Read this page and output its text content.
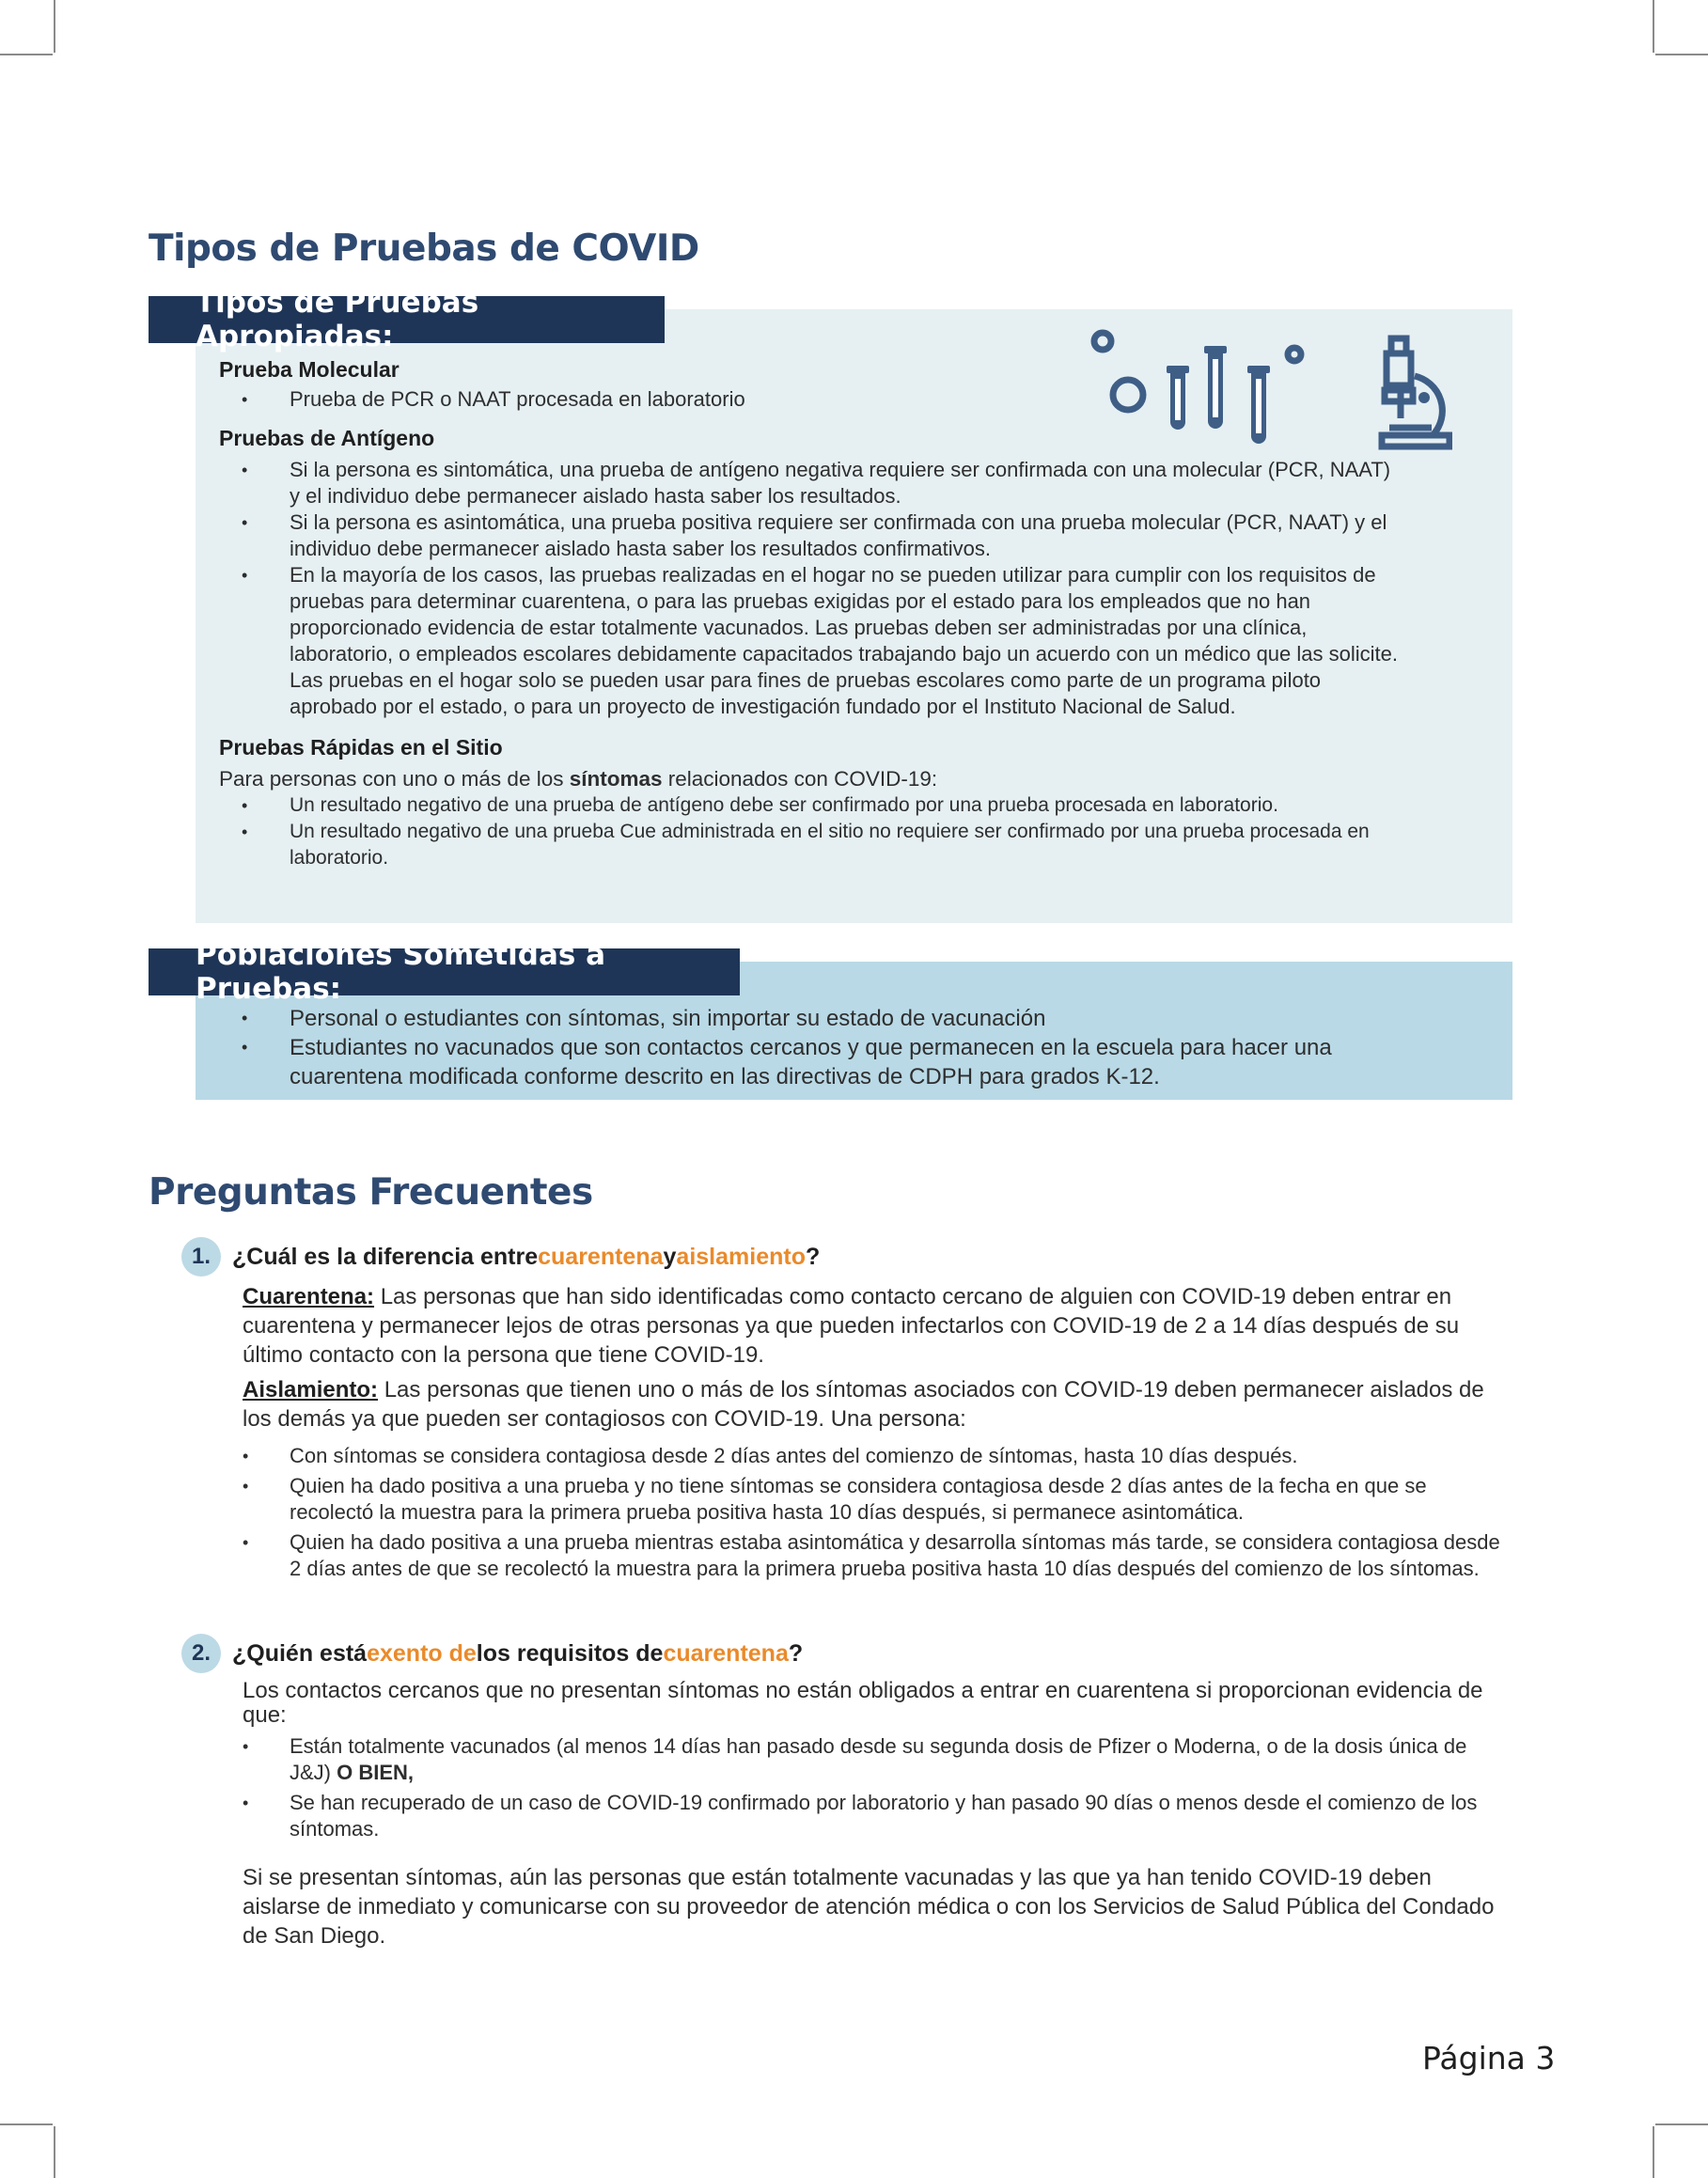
Tipos de Pruebas de COVID
Tipos de Pruebas Apropiadas:

Prueba Molecular

• Prueba de PCR o NAAT procesada en laboratorio

Pruebas de Antígeno

• Si la persona es sintomática, una prueba de antígeno negativa requiere ser confirmada con una molecular (PCR, NAAT) y el individuo debe permanecer aislado hasta saber los resultados.
• Si la persona es asintomática, una prueba positiva requiere ser confirmada con una prueba molecular (PCR, NAAT) y el individuo debe permanecer aislado hasta saber los resultados confirmativos.
• En la mayoría de los casos, las pruebas realizadas en el hogar no se pueden utilizar para cumplir con los requisitos de pruebas para determinar cuarentena, o para las pruebas exigidas por el estado para los empleados que no han proporcionado evidencia de estar totalmente vacunados. Las pruebas deben ser administradas por una clínica, laboratorio, o empleados escolares debidamente capacitados trabajando bajo un acuerdo con un médico que las solicite. Las pruebas en el hogar solo se pueden usar para fines de pruebas escolares como parte de un programa piloto aprobado por el estado, o para un proyecto de investigación fundado por el Instituto Nacional de Salud.

Pruebas Rápidas en el Sitio

Para personas con uno o más de los síntomas relacionados con COVID-19:

• Un resultado negativo de una prueba de antígeno debe ser confirmado por una prueba procesada en laboratorio.
• Un resultado negativo de una prueba Cue administrada en el sitio no requiere ser confirmado por una prueba procesada en laboratorio.
Poblaciones Sometidas a Pruebas:
• Personal o estudiantes con síntomas, sin importar su estado de vacunación
• Estudiantes no vacunados que son contactos cercanos y que permanecen en la escuela para hacer una cuarentena modificada conforme descrito en las directivas de CDPH para grados K-12.
Preguntas Frecuentes
1. ¿Cuál es la diferencia entre cuarentena y aislamiento ?

Cuarentena: Las personas que han sido identificadas como contacto cercano de alguien con COVID-19 deben entrar en cuarentena y permanecer lejos de otras personas ya que pueden infectarlos con COVID-19 de 2 a 14 días después de su último contacto con la persona que tiene COVID-19.

Aislamiento: Las personas que tienen uno o más de los síntomas asociados con COVID-19 deben permanecer aislados de los demás ya que pueden ser contagiosos con COVID-19. Una persona:

• Con síntomas se considera contagiosa desde 2 días antes del comienzo de síntomas, hasta 10 días después.
• Quien ha dado positiva a una prueba y no tiene síntomas se considera contagiosa desde 2 días antes de la fecha en que se recolectó la muestra para la primera prueba positiva hasta 10 días después, si permanece asintomática.
• Quien ha dado positiva a una prueba mientras estaba asintomática y desarrolla síntomas más tarde, se considera contagiosa desde 2 días antes de que se recolectó la muestra para la primera prueba positiva hasta 10 días después del comienzo de los síntomas.
2. ¿Quién está exento de los requisitos de cuarentena ?

Los contactos cercanos que no presentan síntomas no están obligados a entrar en cuarentena si proporcionan evidencia de que:

• Están totalmente vacunados (al menos 14 días han pasado desde su segunda dosis de Pfizer o Moderna, o de la dosis única de J&J) O BIEN,
• Se han recuperado de un caso de COVID-19 confirmado por laboratorio y han pasado 90 días o menos desde el comienzo de los síntomas.

Si se presentan síntomas, aún las personas que están totalmente vacunadas y las que ya han tenido COVID-19 deben aislarse de inmediato y comunicarse con su proveedor de atención médica o con los Servicios de Salud Pública del Condado de San Diego.

Página 3
